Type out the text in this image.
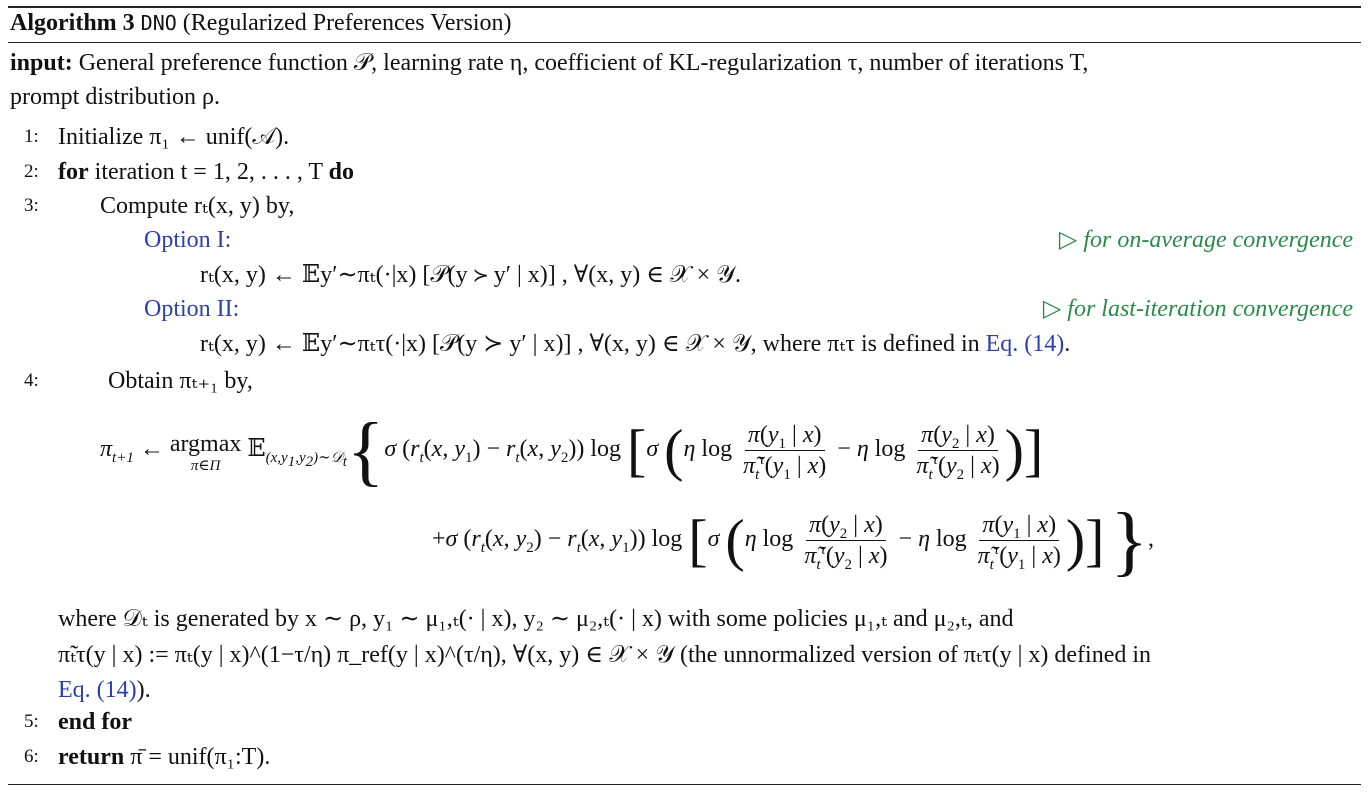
Algorithm 3 DNO (Regularized Preferences Version)
input: General preference function 𝒫, learning rate η, coefficient of KL-regularization τ, number of iterations T,
prompt distribution ρ.
1: Initialize π₁ ← unif(𝒜).
2: for iteration t = 1, 2, . . . , T do
3:	Compute rₜ(x, y) by,
Option I:	▷ for on-average convergence
rₜ(x, y) ← 𝔼y′∼πₜ(·|x) [𝒫(y ≻ y′ | x)] , ∀(x, y) ∈ 𝒳 × 𝒴.
Option II:	▷ for last-iteration convergence
rₜ(x, y) ← 𝔼y′∼πₜτ(·|x) [𝒫(y ≻ y′ | x)] , ∀(x, y) ∈ 𝒳 × 𝒴, where πₜτ is defined in Eq. (14).
4:	Obtain πₜ₊₁ by,
$\pi_{t+1}$ ← argmax
π∈Π
𝔼$_{(x,y_1,y_2)\sim 𝒟_t}${σ ($r_t(x$, $y_1) - r_t(x$, $y_2$)) log [σ (η $\log \frac{\pi(y_1 | x)}{\pĩ_t^\tau(y_1 | x)} - \eta$ $\log \frac{\pi(y_2 | x)}{\pĩ_t^\tau(y_2 | x)}$ )]
+σ ($r_t(x$, $y_2) - r_t(x$, $y_1$)) log [σ (η $\log \frac{\pi(y_2 | x)}{\pĩ_t^\tau(y_2 | x)} - \eta$ $\log \frac{\pi(y_1 | x)}{\pĩ_t^\tau(y_1 | x)}$ )] },
where 𝒟ₜ is generated by x ∼ ρ, y₁ ∼ μ₁,ₜ(· | x), y₂ ∼ μ₂,ₜ(· | x) with some policies μ₁,ₜ and μ₂,ₜ, and
π̃ₜτ(y | x) := πₜ(y | x)^(1−τ/η) π_ref(y | x)^(τ/η), ∀(x, y) ∈ 𝒳 × 𝒴 (the unnormalized version of πₜτ(y | x) defined in
Eq. (14)).
5: end for
6: return π̄ = unif(π₁:T).
